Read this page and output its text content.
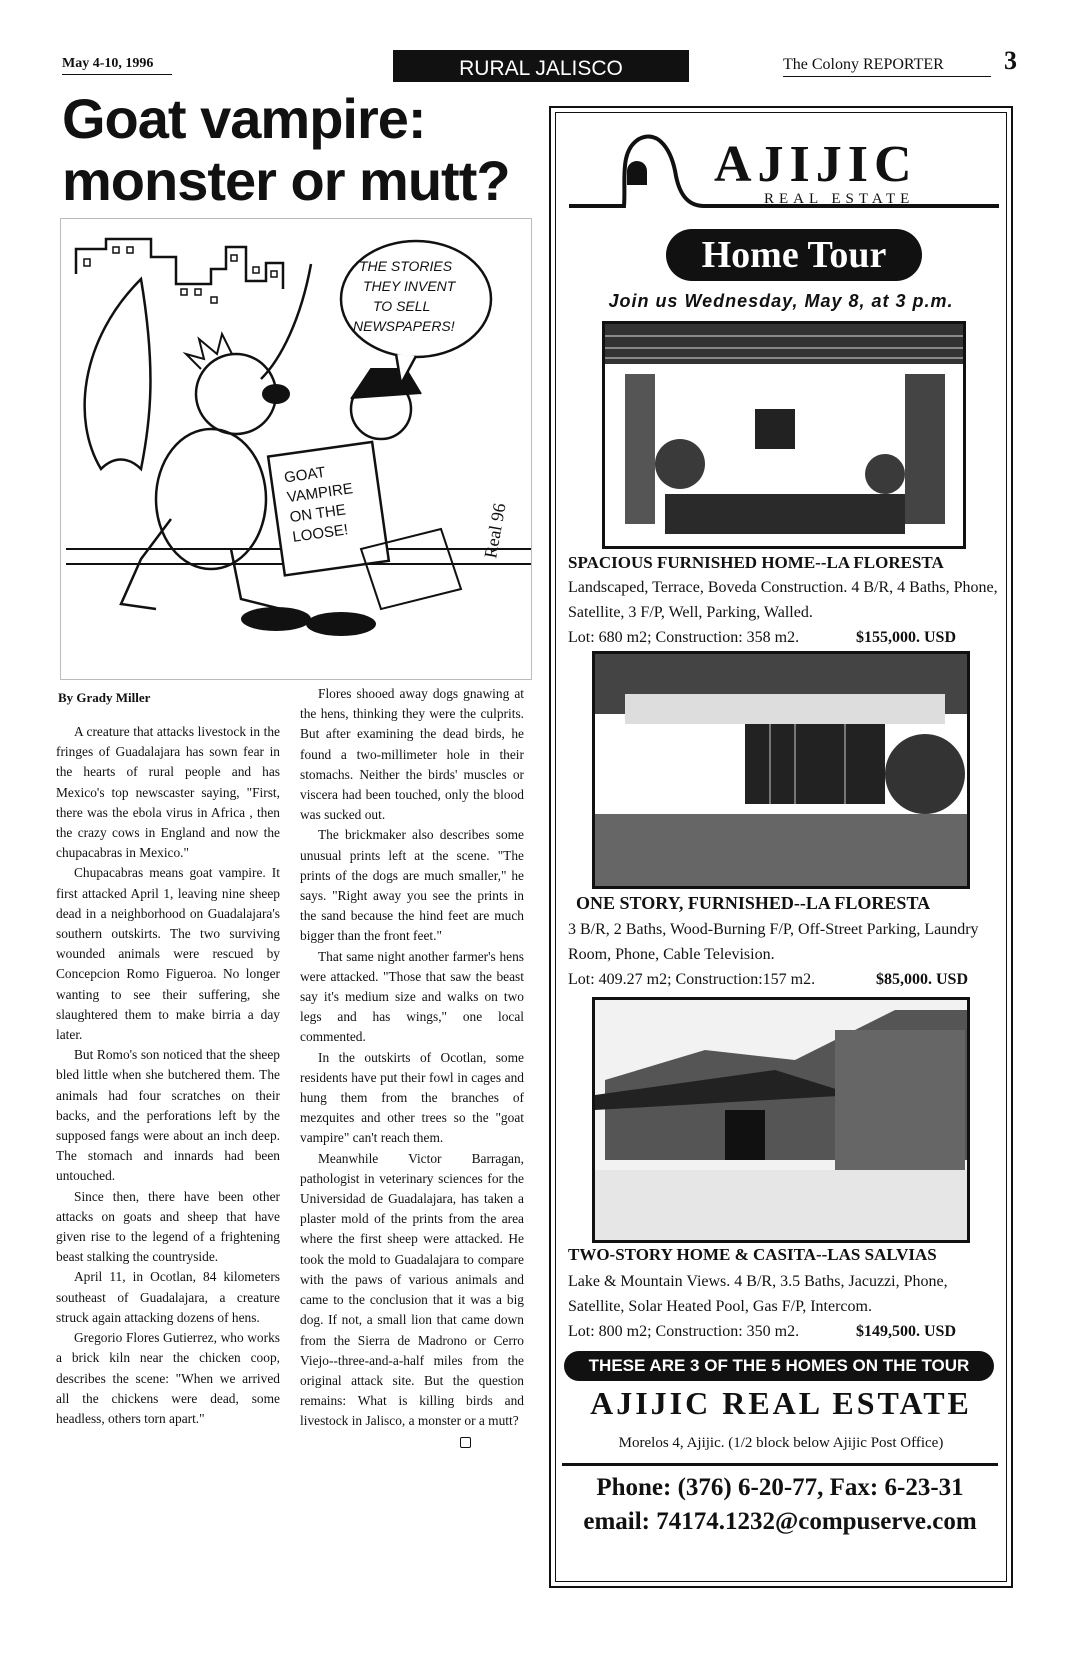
May 4-10, 1996	RURAL JALISCO	The Colony REPORTER	3
Goat vampire: monster or mutt?
GOAT
VAMPIRE
ON THE
LOOSE!
THE STORIES
THEY INVENT
TO SELL
NEWSPAPERS!
Real 96
By Grady Miller

A creature that attacks livestock in the fringes of Guadalajara has sown fear in the hearts of rural people and has Mexico's top newscaster saying, "First, there was the ebola virus in Africa , then the crazy cows in England and now the chupacabras in Mexico."

Chupacabras means goat vampire. It first attacked April 1, leaving nine sheep dead in a neighborhood on Guadalajara's southern outskirts. The two surviving wounded animals were rescued by Concepcion Romo Figueroa. No longer wanting to see their suffering, she slaughtered them to make birria a day later.

But Romo's son noticed that the sheep bled little when she butchered them. The animals had four scratches on their backs, and the perforations left by the supposed fangs were about an inch deep. The stomach and innards had been untouched.

Since then, there have been other attacks on goats and sheep that have given rise to the legend of a frightening beast stalking the countryside.

April 11, in Ocotlan, 84 kilometers southeast of Guadalajara, a creature struck again attacking dozens of hens.

Gregorio Flores Gutierrez, who works a brick kiln near the chicken coop, describes the scene: "When we arrived all the chickens were dead, some headless, others torn apart."

Flores shooed away dogs gnawing at the hens, thinking they were the culprits. But after examining the dead birds, he found a two-millimeter hole in their stomachs. Neither the birds' muscles or viscera had been touched, only the blood was sucked out.

The brickmaker also describes some unusual prints left at the scene. "The prints of the dogs are much smaller," he says. "Right away you see the prints in the sand because the hind feet are much bigger than the front feet."

That same night another farmer's hens were attacked. "Those that saw the beast say it's medium size and walks on two legs and has wings," one local commented.

In the outskirts of Ocotlan, some residents have put their fowl in cages and hung them from the branches of mezquites and other trees so the "goat vampire" can't reach them.

Meanwhile Victor Barragan, pathologist in veterinary sciences for the Universidad de Guadalajara, has taken a plaster mold of the prints from the area where the first sheep were attacked. He took the mold to Guadalajara to compare with the paws of various animals and came to the conclusion that it was a big dog. If not, a small lion that came down from the Sierra de Madrono or Cerro Viejo--three-and-a-half miles from the original attack site. But the question remains: What is killing birds and livestock in Jalisco, a monster or a mutt?

AJIJIC
REAL ESTATE
Home Tour
Join us Wednesday, May 8, at 3 p.m.
SPACIOUS FURNISHED HOME--LA FLORESTA
Landscaped, Terrace, Boveda Construction. 4 B/R, 4 Baths, Phone, Satellite, 3 F/P, Well, Parking, Walled.
Lot: 680 m2; Construction: 358 m2.	$155,000. USD
ONE STORY, FURNISHED--LA FLORESTA
3 B/R, 2 Baths, Wood-Burning F/P, Off-Street Parking, Laundry Room, Phone, Cable Television.
Lot: 409.27 m2; Construction:157 m2.	$85,000. USD
TWO-STORY HOME & CASITA--LAS SALVIAS
Lake & Mountain Views. 4 B/R, 3.5 Baths, Jacuzzi, Phone, Satellite, Solar Heated Pool, Gas F/P, Intercom.
Lot: 800 m2; Construction: 350 m2.	$149,500. USD
THESE ARE 3 OF THE 5 HOMES ON THE TOUR
AJIJIC REAL ESTATE
Morelos 4, Ajijic. (1/2 block below Ajijic Post Office)
Phone: (376) 6-20-77, Fax: 6-23-31
email: 74174.1232@compuserve.com
